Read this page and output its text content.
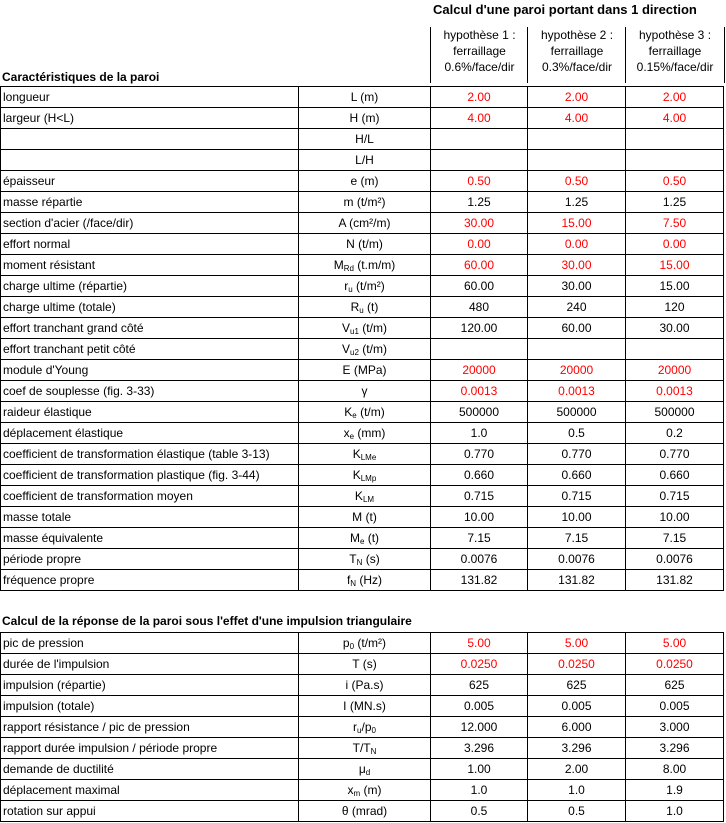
Calcul d'une paroi portant dans 1 direction
hypothèse 1 :
ferraillage
0.6%/face/dir
hypothèse 2 :
ferraillage
0.3%/face/dir
hypothèse 3 :
ferraillage
0.15%/face/dir
Caractéristiques de la paroi
longueur	L (m)	2.00	2.00	2.00
largeur (H<L)	H (m)	4.00	4.00	4.00
	H/L			
	L/H			
épaisseur	e (m)	0.50	0.50	0.50
masse répartie	m (t/m²)	1.25	1.25	1.25
section d'acier (/face/dir)	A (cm²/m)	30.00	15.00	7.50
effort normal	N (t/m)	0.00	0.00	0.00
moment résistant	$M_{Rd}$ (t.m/m)	60.00	30.00	15.00
charge ultime (répartie)	$r_u$ (t/m²)	60.00	30.00	15.00
charge ultime (totale)	$R_u$ (t)	480	240	120
effort tranchant grand côté	$V_{u1}$ (t/m)	120.00	60.00	30.00
effort tranchant petit côté	$V_{u2}$ (t/m)			
module d'Young	E (MPa)	20000	20000	20000
coef de souplesse (fig. 3-33)	γ	0.0013	0.0013	0.0013
raideur élastique	$K_e$ (t/m)	500000	500000	500000
déplacement élastique	$x_e$ (mm)	1.0	0.5	0.2
coefficient de transformation élastique (table 3-13)	$K_{LMe}$	0.770	0.770	0.770
coefficient de transformation plastique (fig. 3-44)	$K_{LMp}$	0.660	0.660	0.660
coefficient de transformation moyen	$K_{LM}$	0.715	0.715	0.715
masse totale	M (t)	10.00	10.00	10.00
masse équivalente	$M_e$ (t)	7.15	7.15	7.15
période propre	$T_N$ (s)	0.0076	0.0076	0.0076
fréquence propre	$f_N$ (Hz)	131.82	131.82	131.82
Calcul de la réponse de la paroi sous l'effet d'une impulsion triangulaire
pic de pression	$p_0$ (t/m²)	5.00	5.00	5.00
durée de l'impulsion	T (s)	0.0250	0.0250	0.0250
impulsion (répartie)	i (Pa.s)	625	625	625
impulsion (totale)	I (MN.s)	0.005	0.005	0.005
rapport résistance / pic de pression	$r_u/p_0$	12.000	6.000	3.000
rapport durée impulsion / période propre	$T/T_N$	3.296	3.296	3.296
demande de ductilité	$\mu_d$	1.00	2.00	8.00
déplacement maximal	$x_m$ (m)	1.0	1.0	1.9
rotation sur appui	θ (mrad)	0.5	0.5	1.0
